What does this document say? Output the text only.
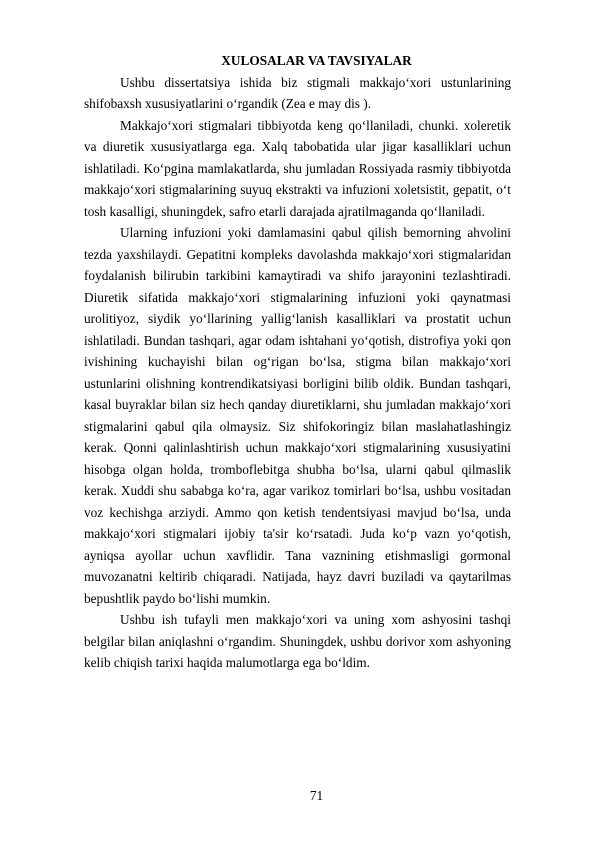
XULOSALAR VA TAVSIYALAR

Ushbu dissertatsiya ishida biz stigmali makkajo‘xori ustunlarining shifobaxsh xususiyatlarini o‘rgandik (Zea e may dis ).

Makkajo‘xori stigmalari tibbiyotda keng qo‘llaniladi, chunki. xoleretik va diuretik xususiyatlarga ega. Xalq tabobatida ular jigar kasalliklari uchun ishlatiladi. Ko‘pgina mamlakatlarda, shu jumladan Rossiyada rasmiy tibbiyotda makkajo‘xori stigmalarining suyuq ekstrakti va infuzioni xoletsistit, gepatit, o‘t tosh kasalligi, shuningdek, safro etarli darajada ajratilmaganda qo‘llaniladi.

Ularning infuzioni yoki damlamasini qabul qilish bemorning ahvolini tezda yaxshilaydi. Gepatitni kompleks davolashda makkajo‘xori stigmalaridan foydalanish bilirubin tarkibini kamaytiradi va shifo jarayonini tezlashtiradi. Diuretik sifatida makkajo‘xori stigmalarining infuzioni yoki qaynatmasi urolitiyoz, siydik yo‘llarining yallig‘lanish kasalliklari va prostatit uchun ishlatiladi. Bundan tashqari, agar odam ishtahani yo‘qotish, distrofiya yoki qon ivishining kuchayishi bilan og‘rigan bo‘lsa, stigma bilan makkajo‘xori ustunlarini olishning kontrendikatsiyasi borligini bilib oldik. Bundan tashqari, kasal buyraklar bilan siz hech qanday diuretiklarni, shu jumladan makkajo‘xori stigmalarini qabul qila olmaysiz. Siz shifokoringiz bilan maslahatlashingiz kerak. Qonni qalinlashtirish uchun makkajo‘xori stigmalarining xususiyatini hisobga olgan holda, tromboflebitga shubha bo‘lsa, ularni qabul qilmaslik kerak. Xuddi shu sababga ko‘ra, agar varikoz tomirlari bo‘lsa, ushbu vositadan voz kechishga arziydi. Ammo qon ketish tendentsiyasi mavjud bo‘lsa, unda makkajo‘xori stigmalari ijobiy ta'sir ko‘rsatadi. Juda ko‘p vazn yo‘qotish, ayniqsa ayollar uchun xavflidir. Tana vaznining etishmasligi gormonal muvozanatni keltirib chiqaradi. Natijada, hayz davri buziladi va qaytarilmas bepushtlik paydo bo‘lishi mumkin.

Ushbu ish tufayli men makkajo‘xori va uning xom ashyosini tashqi belgilar bilan aniqlashni o‘rgandim. Shuningdek, ushbu dorivor xom ashyoning kelib chiqish tarixi haqida malumotlarga ega bo‘ldim.

71
